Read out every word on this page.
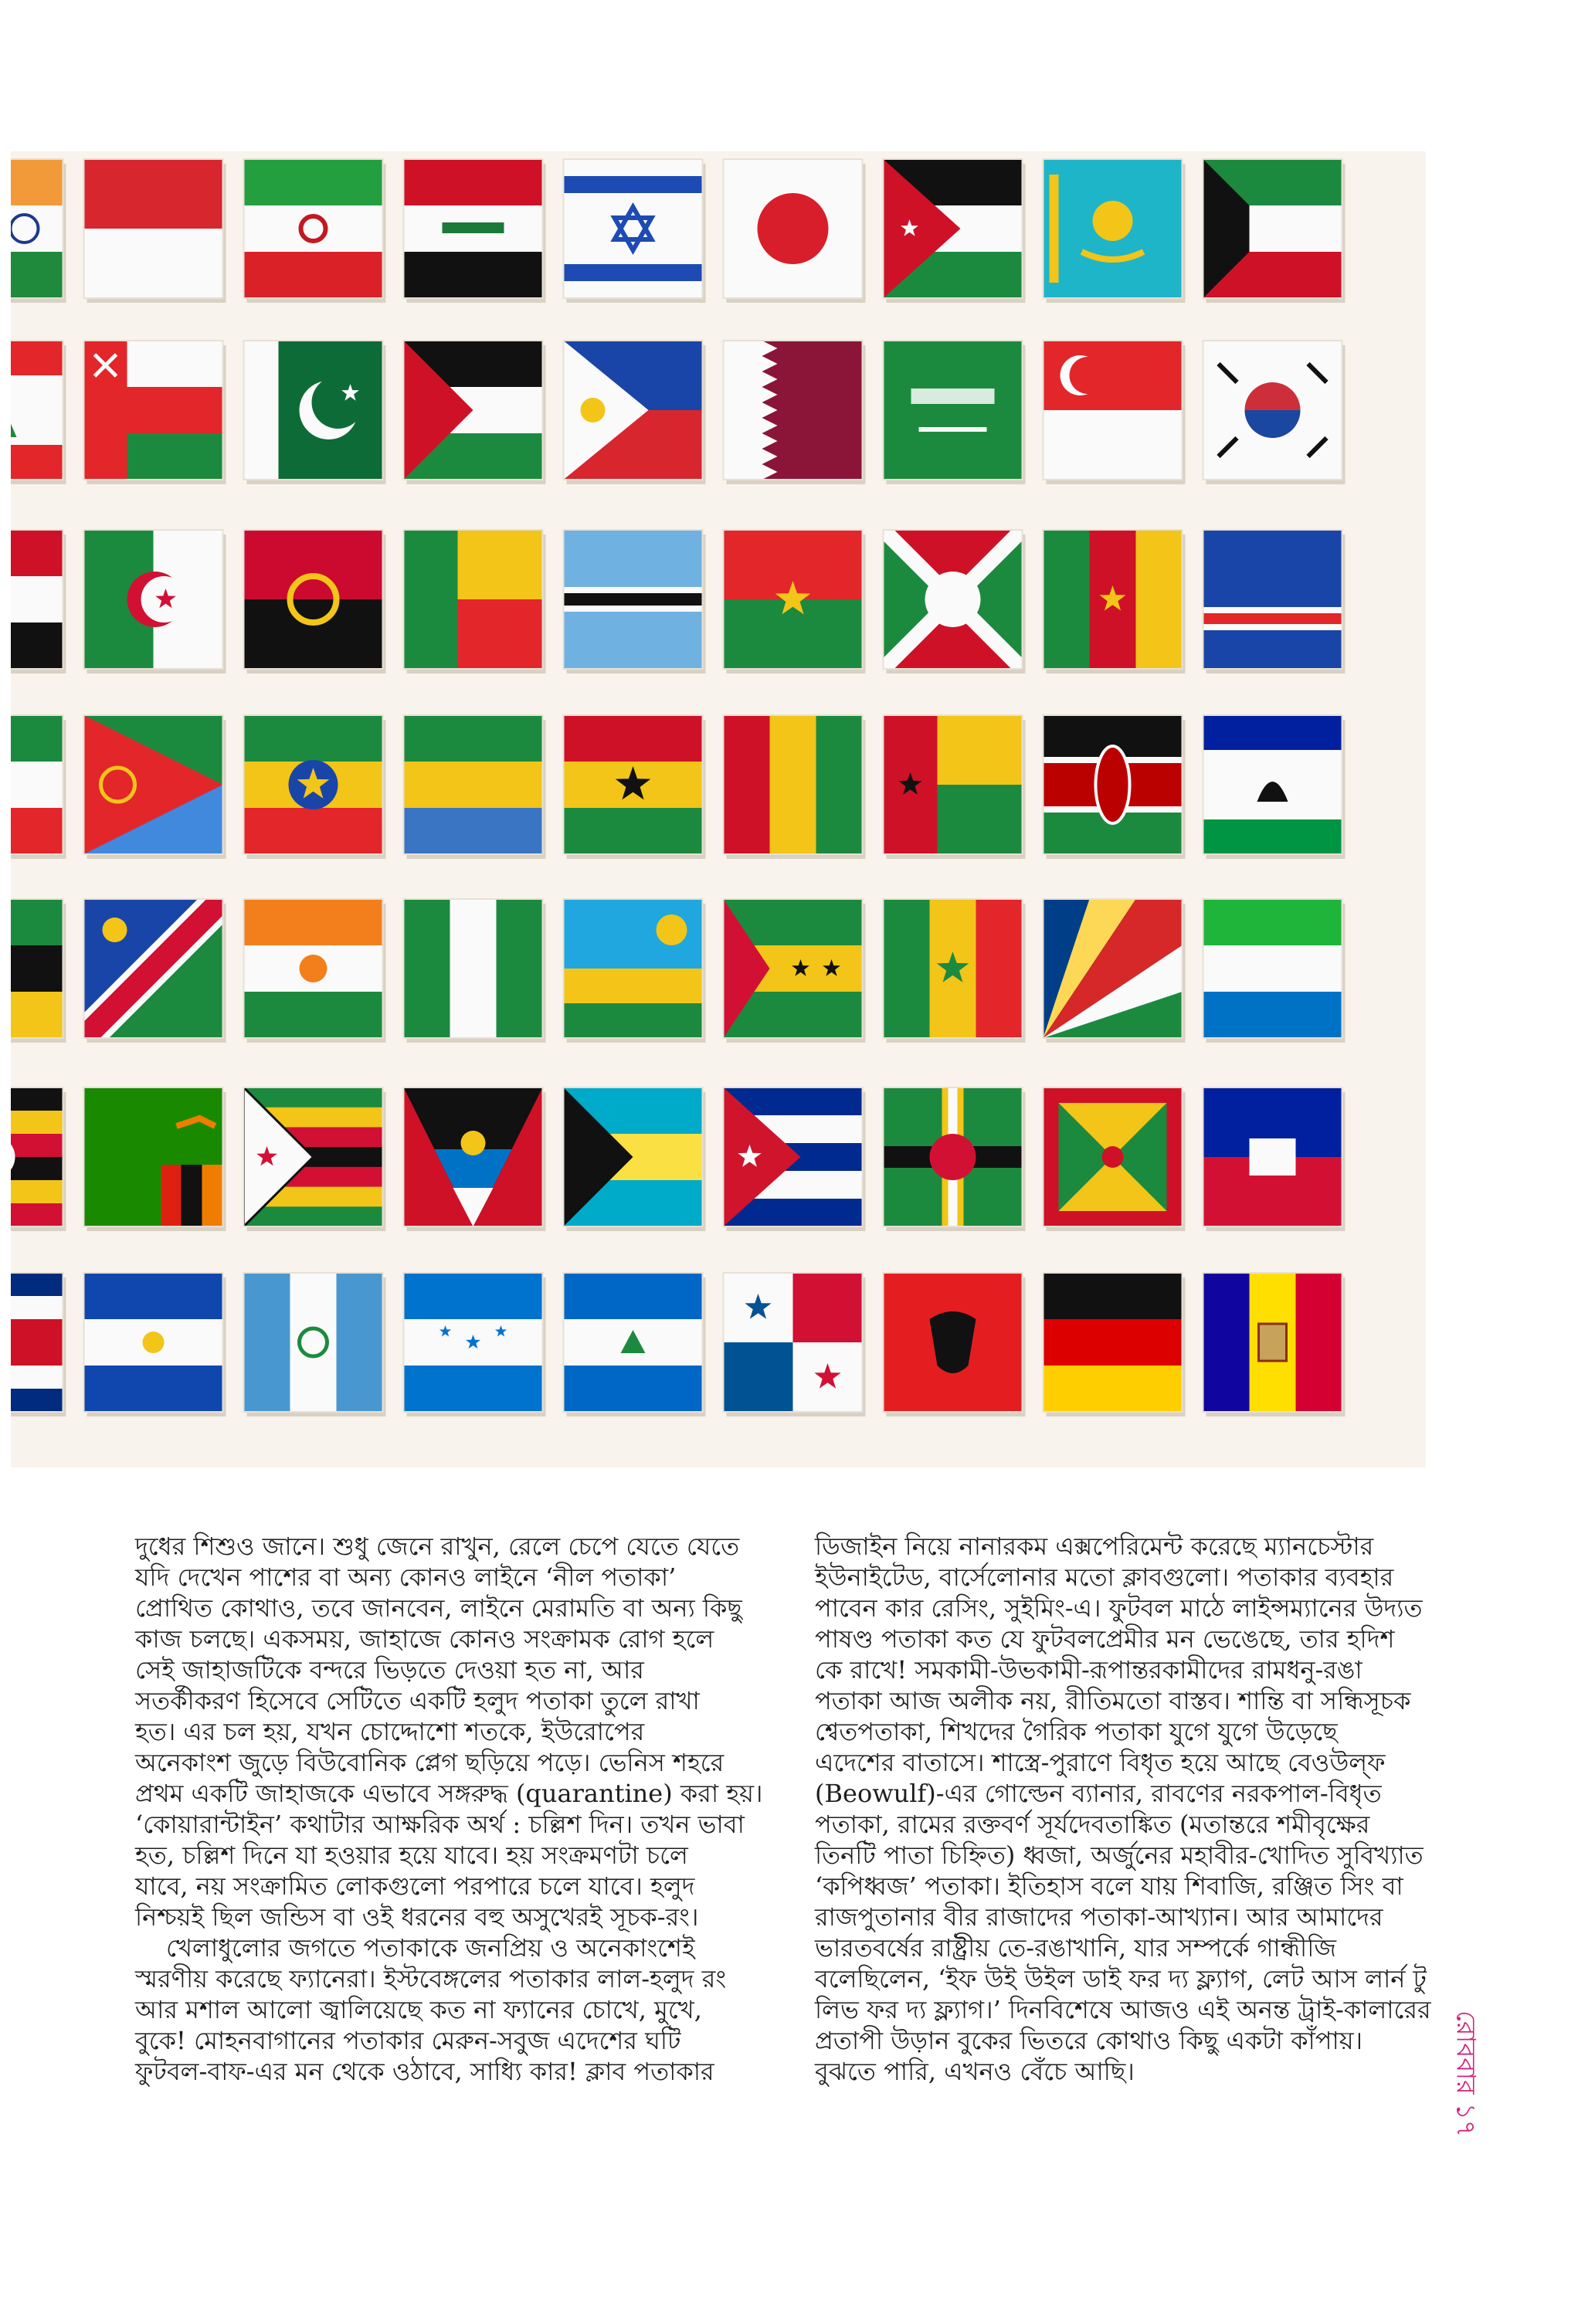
দুধের শিশুও জানে। শুধু জেনে রাখুন, রেলে চেপে যেতে যেতে
যদি দেখেন পাশের বা অন্য কোনও লাইনে ‘নীল পতাকা’
প্রোথিত কোথাও, তবে জানবেন, লাইনে মেরামতি বা অন্য কিছু
কাজ চলছে। একসময়, জাহাজে কোনও সংক্রামক রোগ হলে
সেই জাহাজটিকে বন্দরে ভিড়তে দেওয়া হত না, আর
সতর্কীকরণ হিসেবে সেটিতে একটি হলুদ পতাকা তুলে রাখা
হত। এর চল হয়, যখন চোদ্দোশো শতকে, ইউরোপের
অনেকাংশ জুড়ে বিউবোনিক প্লেগ ছড়িয়ে পড়ে। ভেনিস শহরে
প্রথম একটি জাহাজকে এভাবে সঙ্গরুদ্ধ (quarantine) করা হয়।
‘কোয়ারান্টাইন’ কথাটার আক্ষরিক অর্থ : চল্লিশ দিন। তখন ভাবা
হত, চল্লিশ দিনে যা হওয়ার হয়ে যাবে। হয় সংক্রমণটা চলে
যাবে, নয় সংক্রামিত লোকগুলো পরপারে চলে যাবে। হলুদ
নিশ্চয়ই ছিল জন্ডিস বা ওই ধরনের বহু অসুখেরই সূচক-রং।
খেলাধুলোর জগতে পতাকাকে জনপ্রিয় ও অনেকাংশেই
স্মরণীয় করেছে ফ্যানেরা। ইস্টবেঙ্গলের পতাকার লাল-হলুদ রং
আর মশাল আলো জ্বালিয়েছে কত না ফ্যানের চোখে, মুখে,
বুকে! মোহনবাগানের পতাকার মেরুন-সবুজ এদেশের ঘটি
ফুটবল-বাফ-এর মন থেকে ওঠাবে, সাধ্যি কার! ক্লাব পতাকার
ডিজাইন নিয়ে নানারকম এক্সপেরিমেন্ট করেছে ম্যানচেস্টার
ইউনাইটেড, বার্সেলোনার মতো ক্লাবগুলো। পতাকার ব্যবহার
পাবেন কার রেসিং, সুইমিং-এ। ফুটবল মাঠে লাইন্সম্যানের উদ্যত
পাষণ্ড পতাকা কত যে ফুটবলপ্রেমীর মন ভেঙেছে, তার হদিশ
কে রাখে! সমকামী-উভকামী-রূপান্তরকামীদের রামধনু-রঙা
পতাকা আজ অলীক নয়, রীতিমতো বাস্তব। শান্তি বা সন্ধিসূচক
শ্বেতপতাকা, শিখদের গৈরিক পতাকা যুগে যুগে উড়েছে
এদেশের বাতাসে। শাস্ত্রে-পুরাণে বিধৃত হয়ে আছে বেওউল্‌ফ
(Beowulf)-এর গোল্ডেন ব্যানার, রাবণের নরকপাল-বিধৃত
পতাকা, রামের রক্তবর্ণ সূর্যদেবতাঙ্কিত (মতান্তরে শমীবৃক্ষের
তিনটি পাতা চিহ্নিত) ধ্বজা, অর্জুনের মহাবীর-খোদিত সুবিখ্যাত
‘কপিধ্বজ’ পতাকা। ইতিহাস বলে যায় শিবাজি, রঞ্জিত সিং বা
রাজপুতানার বীর রাজাদের পতাকা-আখ্যান। আর আমাদের
ভারতবর্ষের রাষ্ট্রীয় তে-রঙাখানি, যার সম্পর্কে গান্ধীজি
বলেছিলেন, ‘ইফ উই উইল ডাই ফর দ্য ফ্ল্যাগ, লেট আস লার্ন টু
লিভ ফর দ্য ফ্ল্যাগ।’ দিনবিশেষে আজও এই অনন্ত ট্রাই-কালারের
প্রতাপী উড়ান বুকের ভিতরে কোথাও কিছু একটা কাঁপায়।
বুঝতে পারি, এখনও বেঁচে আছি।	রোববার ১৭
